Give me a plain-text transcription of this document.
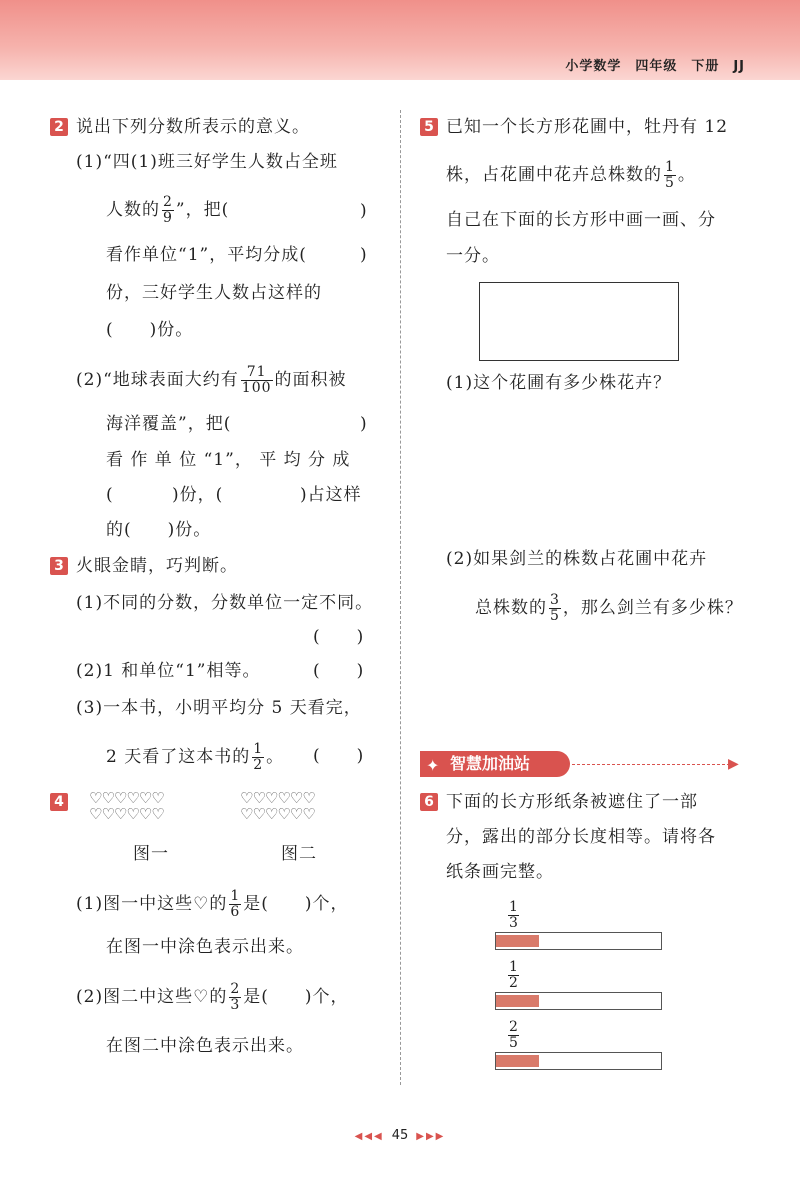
小学数学　四年级　下册　JJ
2 说出下列分数所表示的意义。
(1)“四(1)班三好学生人数占全班
人数的 $\frac{2}{9}$ ”，把(	)
看作单位“1”，平均分成(	)
份，三好学生人数占这样的
(　　)份。
(2)“地球表面大约有 $\frac{71}{100}$ 的面积被
海洋覆盖”，把(	)
看 作 单 位 “1”， 平 均 分 成
(	)份，(	)占这样
的(　　)份。
3 火眼金睛，巧判断。
(1)不同的分数，分数单位一定不同。
(　　)
(2)1 和单位“1”相等。	(　　)
(3)一本书，小明平均分 5 天看完，
2 天看了这本书的 $\frac{1}{2}$ 。 (　　)
4 ♡♡♡♡♡♡
♡♡♡♡♡♡
♡♡♡♡♡♡
♡♡♡♡♡♡
图一	图二
(1)图一中这些♡的 $\frac{1}{6}$ 是(　　)个，
在图一中涂色表示出来。
(2)图二中这些♡的 $\frac{2}{3}$ 是(　　)个，
在图二中涂色表示出来。
5 已知一个长方形花圃中，牡丹有 12
株，占花圃中花卉总株数的 $\frac{1}{5}$ 。
自己在下面的长方形中画一画、分
一分。
(1)这个花圃有多少株花卉？
(2)如果剑兰的株数占花圃中花卉
总株数的 $\frac{3}{5}$ ，那么剑兰有多少株？
✦ 智慧加油站	▶
6 下面的长方形纸条被遮住了一部
分，露出的部分长度相等。请将各
纸条画完整。
$\frac{1}{3}$
$\frac{1}{2}$
$\frac{2}{5}$
◀◀◀ 45 ▶▶▶
